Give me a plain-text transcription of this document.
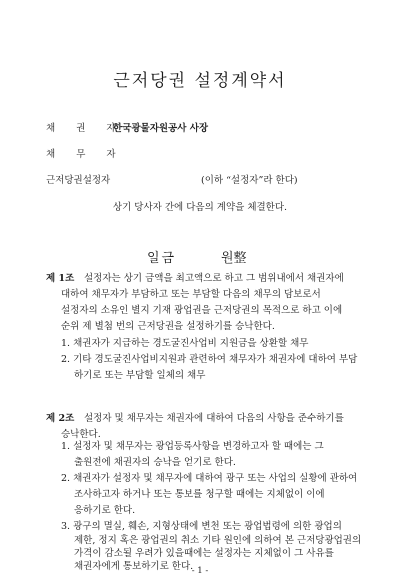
근저당권 설정계약서
채 권 자
한국광물자원공사 사장
채 무 자
근저당권설정자	(이하 “설정자”라 한다)
상기 당사자 간에 다음의 계약을 체결한다.
일금	원整
제 1조 설정자는 상기 금액을 최고액으로 하고 그 범위내에서 채권자에
대하여 채무자가 부담하고 또는 부담할 다음의 채무의 담보로서
설정자의 소유인 별지 기재 광업권을 근저당권의 목적으로 하고 이에
순위 제 별첨 번의 근저당권을 설정하기를 승낙한다.
1. 채권자가 지급하는 경도굴진사업비 지원금을 상환할 채무
2. 기타 경도굴진사업비지원과 관련하여 채무자가 채권자에 대하여 부담
하기로 또는 부담할 일체의 채무
제 2조 설정자 및 채무자는 채권자에 대하여 다음의 사항을 준수하기를
승낙한다.
1. 설정자 및 채무자는 광업등록사항을 변경하고자 할 때에는 그
출원전에 채권자의 승낙을 얻기로 한다.
2. 채권자가 설정자 및 채무자에 대하여 광구 또는 사업의 실황에 관하여
조사하고자 하거나 또는 통보를 청구할 때에는 지체없이 이에
응하기로 한다.
3. 광구의 멸실, 훼손, 지형상태에 변천 또는 광업법령에 의한 광업의
제한, 정지 혹은 광업권의 취소 기타 원인에 의하여 본 근저당광업권의
가격이 감소될 우려가 있을때에는 설정자는 지체없이 그 사유를
채권자에게 통보하기로 한다.
- 1 -
